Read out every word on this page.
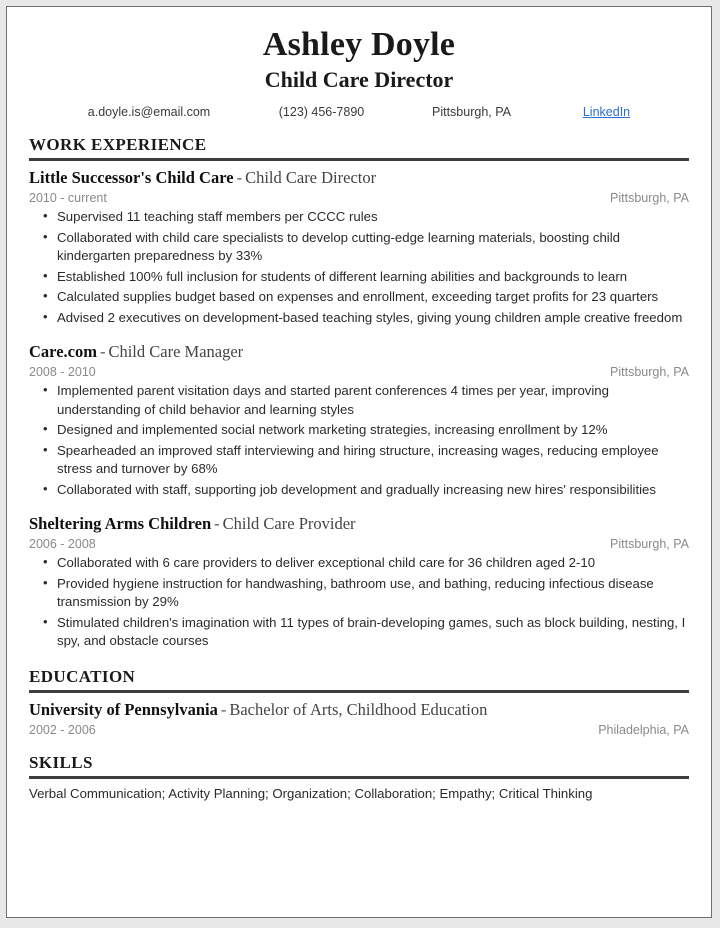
Ashley Doyle
Child Care Director
a.doyle.is@email.com	(123) 456-7890	Pittsburgh, PA	LinkedIn
WORK EXPERIENCE
Little Successor's Child Care - Child Care Director
2010 - current	Pittsburgh, PA
• Supervised 11 teaching staff members per CCCC rules
• Collaborated with child care specialists to develop cutting-edge learning materials, boosting child kindergarten preparedness by 33%
• Established 100% full inclusion for students of different learning abilities and backgrounds to learn
• Calculated supplies budget based on expenses and enrollment, exceeding target profits for 23 quarters
• Advised 2 executives on development-based teaching styles, giving young children ample creative freedom
Care.com - Child Care Manager
2008 - 2010	Pittsburgh, PA
• Implemented parent visitation days and started parent conferences 4 times per year, improving understanding of child behavior and learning styles
• Designed and implemented social network marketing strategies, increasing enrollment by 12%
• Spearheaded an improved staff interviewing and hiring structure, increasing wages, reducing employee stress and turnover by 68%
• Collaborated with staff, supporting job development and gradually increasing new hires' responsibilities
Sheltering Arms Children - Child Care Provider
2006 - 2008	Pittsburgh, PA
• Collaborated with 6 care providers to deliver exceptional child care for 36 children aged 2-10
• Provided hygiene instruction for handwashing, bathroom use, and bathing, reducing infectious disease transmission by 29%
• Stimulated children's imagination with 11 types of brain-developing games, such as block building, nesting, I spy, and obstacle courses
EDUCATION
University of Pennsylvania - Bachelor of Arts, Childhood Education
2002 - 2006	Philadelphia, PA
SKILLS
Verbal Communication; Activity Planning; Organization; Collaboration; Empathy; Critical Thinking
